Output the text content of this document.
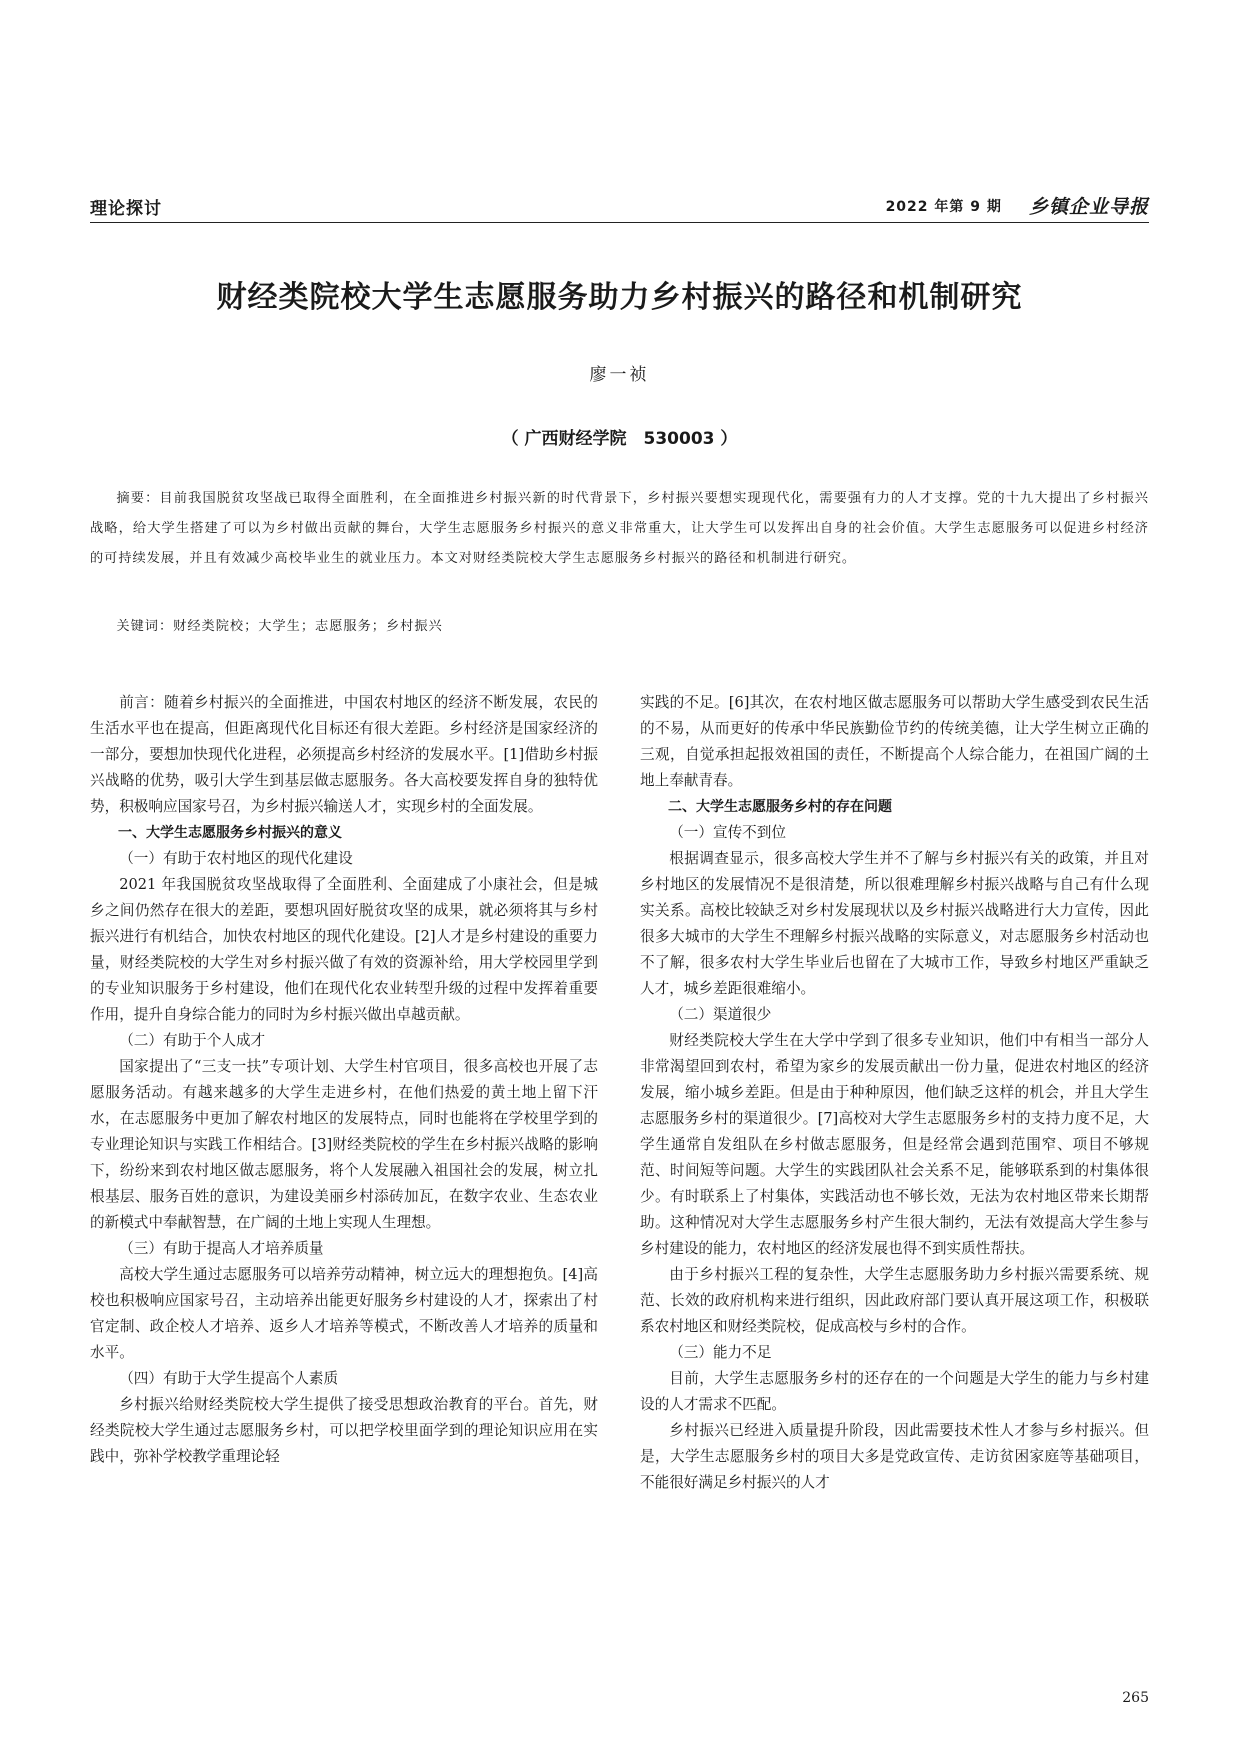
理论探讨	2022 年第 9 期 乡镇企业导报
财经类院校大学生志愿服务助力乡村振兴的路径和机制研究
廖一祯
（ 广西财经学院　530003 ）
摘要：目前我国脱贫攻坚战已取得全面胜利，在全面推进乡村振兴新的时代背景下，乡村振兴要想实现现代化，需要强有力的人才支撑。党的十九大提出了乡村振兴战略，给大学生搭建了可以为乡村做出贡献的舞台，大学生志愿服务乡村振兴的意义非常重大，让大学生可以发挥出自身的社会价值。大学生志愿服务可以促进乡村经济的可持续发展，并且有效减少高校毕业生的就业压力。本文对财经类院校大学生志愿服务乡村振兴的路径和机制进行研究。
关键词：财经类院校；大学生；志愿服务；乡村振兴

前言：随着乡村振兴的全面推进，中国农村地区的经济不断发展，农民的生活水平也在提高，但距离现代化目标还有很大差距。乡村经济是国家经济的一部分，要想加快现代化进程，必须提高乡村经济的发展水平。[1]借助乡村振兴战略的优势，吸引大学生到基层做志愿服务。各大高校要发挥自身的独特优势，积极响应国家号召，为乡村振兴输送人才，实现乡村的全面发展。

一、大学生志愿服务乡村振兴的意义

（一）有助于农村地区的现代化建设

2021 年我国脱贫攻坚战取得了全面胜利、全面建成了小康社会，但是城乡之间仍然存在很大的差距，要想巩固好脱贫攻坚的成果，就必须将其与乡村振兴进行有机结合，加快农村地区的现代化建设。[2]人才是乡村建设的重要力量，财经类院校的大学生对乡村振兴做了有效的资源补给，用大学校园里学到的专业知识服务于乡村建设，他们在现代化农业转型升级的过程中发挥着重要作用，提升自身综合能力的同时为乡村振兴做出卓越贡献。

（二）有助于个人成才

国家提出了“三支一扶”专项计划、大学生村官项目，很多高校也开展了志愿服务活动。有越来越多的大学生走进乡村，在他们热爱的黄土地上留下汗水，在志愿服务中更加了解农村地区的发展特点，同时也能将在学校里学到的专业理论知识与实践工作相结合。[3]财经类院校的学生在乡村振兴战略的影响下，纷纷来到农村地区做志愿服务，将个人发展融入祖国社会的发展，树立扎根基层、服务百姓的意识，为建设美丽乡村添砖加瓦，在数字农业、生态农业的新模式中奉献智慧，在广阔的土地上实现人生理想。

（三）有助于提高人才培养质量

高校大学生通过志愿服务可以培养劳动精神，树立远大的理想抱负。[4]高校也积极响应国家号召，主动培养出能更好服务乡村建设的人才，探索出了村官定制、政企校人才培养、返乡人才培养等模式，不断改善人才培养的质量和水平。

（四）有助于大学生提高个人素质

乡村振兴给财经类院校大学生提供了接受思想政治教育的平台。首先，财经类院校大学生通过志愿服务乡村，可以把学校里面学到的理论知识应用在实践中，弥补学校教学重理论轻

实践的不足。[6]其次，在农村地区做志愿服务可以帮助大学生感受到农民生活的不易，从而更好的传承中华民族勤俭节约的传统美德，让大学生树立正确的三观，自觉承担起报效祖国的责任，不断提高个人综合能力，在祖国广阔的土地上奉献青春。

二、大学生志愿服务乡村的存在问题

（一）宣传不到位

根据调查显示，很多高校大学生并不了解与乡村振兴有关的政策，并且对乡村地区的发展情况不是很清楚，所以很难理解乡村振兴战略与自己有什么现实关系。高校比较缺乏对乡村发展现状以及乡村振兴战略进行大力宣传，因此很多大城市的大学生不理解乡村振兴战略的实际意义，对志愿服务乡村活动也不了解，很多农村大学生毕业后也留在了大城市工作，导致乡村地区严重缺乏人才，城乡差距很难缩小。

（二）渠道很少

财经类院校大学生在大学中学到了很多专业知识，他们中有相当一部分人非常渴望回到农村，希望为家乡的发展贡献出一份力量，促进农村地区的经济发展，缩小城乡差距。但是由于种种原因，他们缺乏这样的机会，并且大学生志愿服务乡村的渠道很少。[7]高校对大学生志愿服务乡村的支持力度不足，大学生通常自发组队在乡村做志愿服务，但是经常会遇到范围窄、项目不够规范、时间短等问题。大学生的实践团队社会关系不足，能够联系到的村集体很少。有时联系上了村集体，实践活动也不够长效，无法为农村地区带来长期帮助。这种情况对大学生志愿服务乡村产生很大制约，无法有效提高大学生参与乡村建设的能力，农村地区的经济发展也得不到实质性帮扶。

由于乡村振兴工程的复杂性，大学生志愿服务助力乡村振兴需要系统、规范、长效的政府机构来进行组织，因此政府部门要认真开展这项工作，积极联系农村地区和财经类院校，促成高校与乡村的合作。

（三）能力不足

目前，大学生志愿服务乡村的还存在的一个问题是大学生的能力与乡村建设的人才需求不匹配。

乡村振兴已经进入质量提升阶段，因此需要技术性人才参与乡村振兴。但是，大学生志愿服务乡村的项目大多是党政宣传、走访贫困家庭等基础项目，不能很好满足乡村振兴的人才

265
